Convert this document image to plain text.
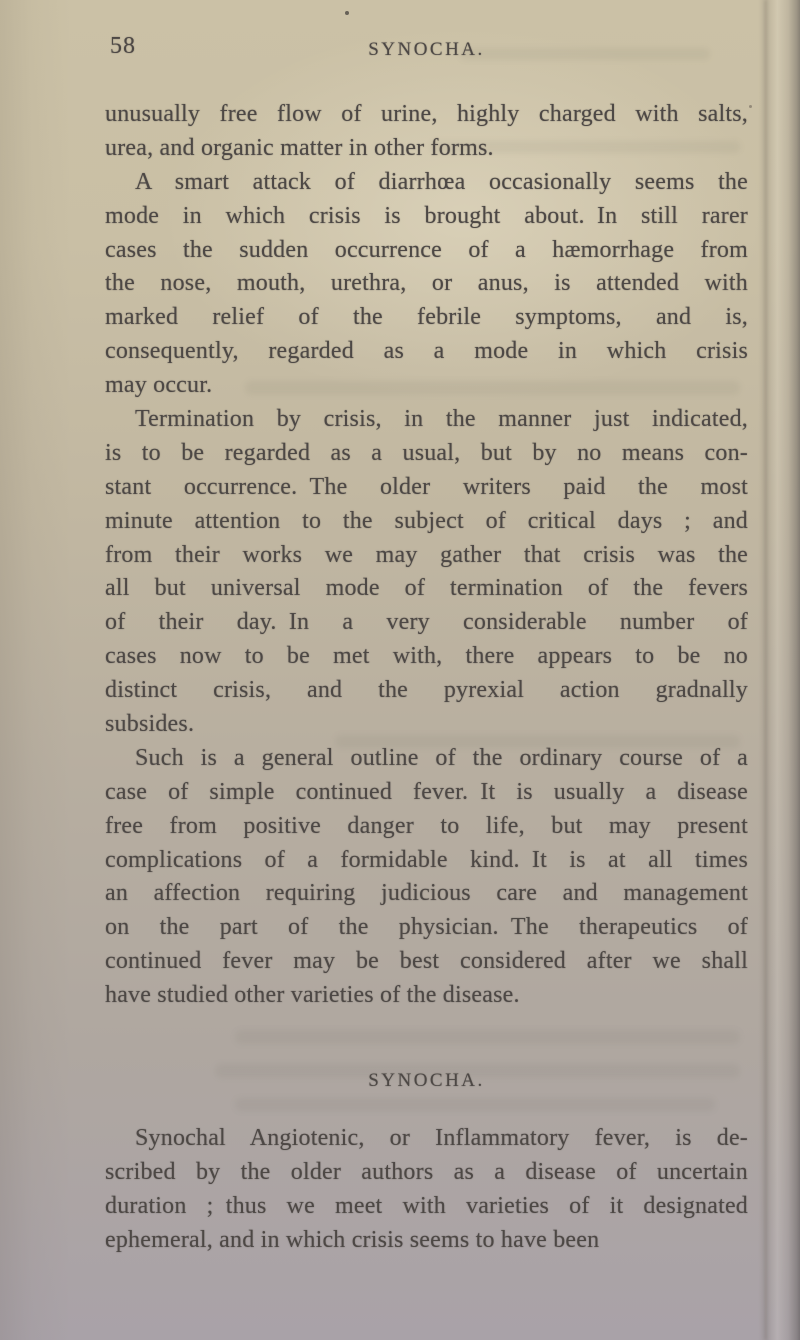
58	SYNOCHA.
unusually free flow of urine, highly charged with salts,
urea, and organic matter in other forms.
A smart attack of diarrhœa occasionally seems the
mode in which crisis is brought about. In still rarer
cases the sudden occurrence of a hæmorrhage from
the nose, mouth, urethra, or anus, is attended with
marked relief of the febrile symptoms, and is,
consequently, regarded as a mode in which crisis
may occur.
Termination by crisis, in the manner just indicated,
is to be regarded as a usual, but by no means con-
stant occurrence. The older writers paid the most
minute attention to the subject of critical days ; and
from their works we may gather that crisis was the
all but universal mode of termination of the fevers
of their day. In a very considerable number of
cases now to be met with, there appears to be no
distinct crisis, and the pyrexial action gradnally
subsides.
Such is a general outline of the ordinary course of a
case of simple continued fever. It is usually a disease
free from positive danger to life, but may present
complications of a formidable kind. It is at all times
an affection requiring judicious care and management
on the part of the physician. The therapeutics of
continued fever may be best considered after we shall
have studied other varieties of the disease.
SYNOCHA.
Synochal Angiotenic, or Inflammatory fever, is de-
scribed by the older authors as a disease of uncertain
duration ; thus we meet with varieties of it designated
ephemeral, and in which crisis seems to have been
